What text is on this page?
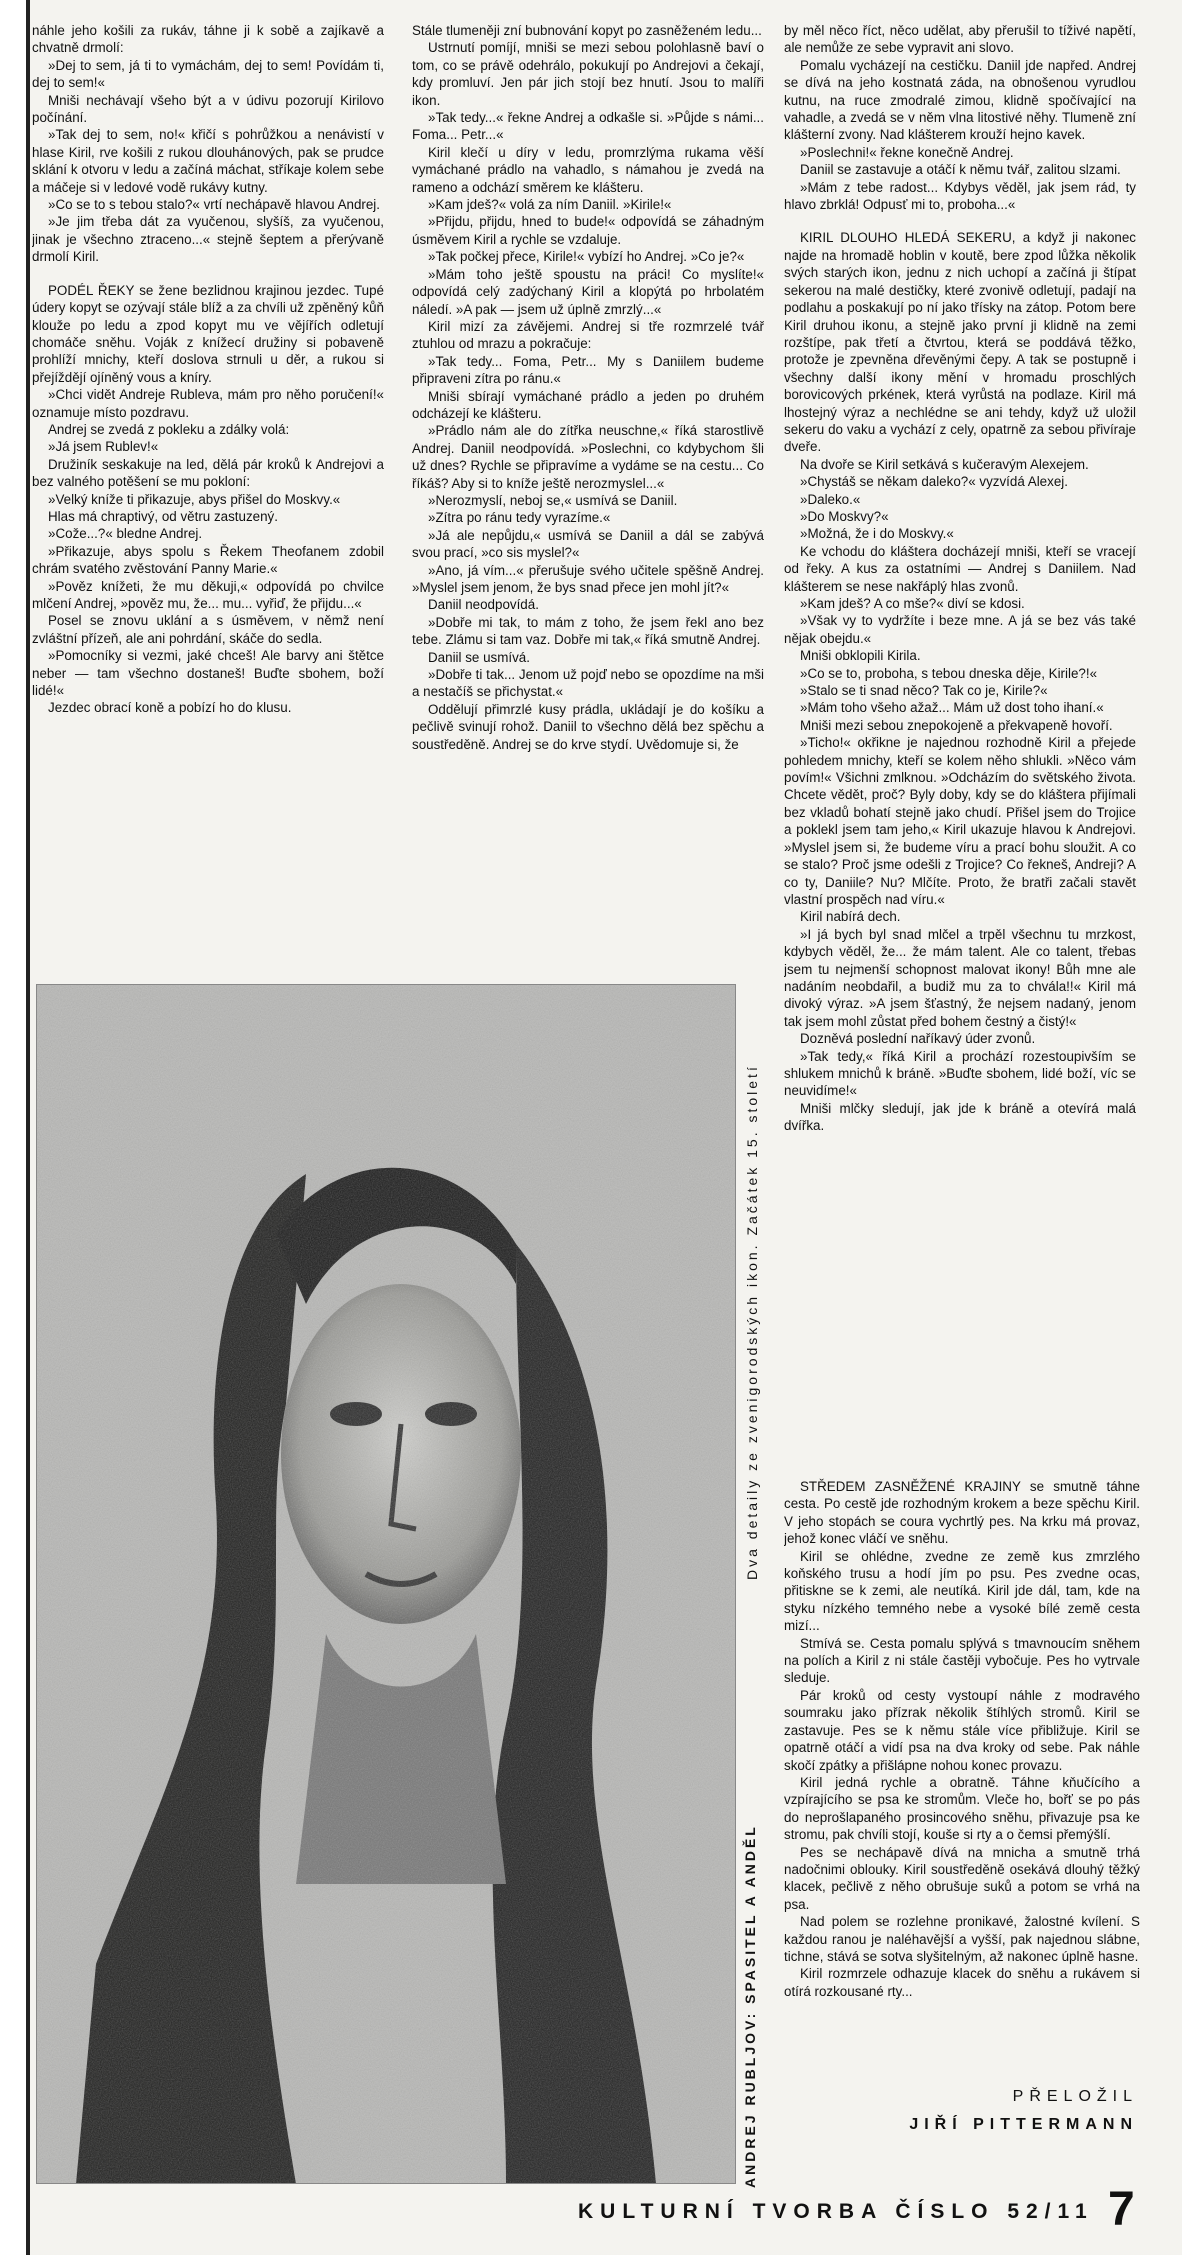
náhle jeho košili za rukáv, táhne ji k sobě a zajíkavě a chvatně drmolí:

»Dej to sem, já ti to vymáchám, dej to sem! Povídám ti, dej to sem!«

Mniši nechávají všeho být a v údivu pozorují Kirilovo počínání.

»Tak dej to sem, no!« křičí s pohrůžkou a nenávistí v hlase Kiril, rve košili z rukou dlouhánových, pak se prudce sklání k otvoru v ledu a začíná máchat, stříkaje kolem sebe a máčeje si v ledové vodě rukávy kutny.

»Co se to s tebou stalo?« vrtí nechápavě hlavou Andrej.

»Je jim třeba dát za vyučenou, slyšíš, za vyučenou, jinak je všechno ztraceno...« stejně šeptem a přerývaně drmolí Kiril.

PODÉL ŘEKY se žene bezlidnou krajinou jezdec. Tupé údery kopyt se ozývají stále blíž a za chvíli už zpěněný kůň klouže po ledu a zpod kopyt mu ve vějířích odletují chomáče sněhu. Voják z knížecí družiny si pobaveně prohlíží mnichy, kteří doslova strnuli u děr, a rukou si přejíždějí ojíněný vous a kníry.

»Chci vidět Andreje Rubleva, mám pro něho poručení!« oznamuje místo pozdravu.

Andrej se zvedá z pokleku a zdálky volá:

»Já jsem Rublev!«

Družiník seskakuje na led, dělá pár kroků k Andrejovi a bez valného potěšení se mu pokloní:

»Velký kníže ti přikazuje, abys přišel do Moskvy.«

Hlas má chraptivý, od větru zastuzený.

»Cože...?« bledne Andrej.

»Přikazuje, abys spolu s Řekem Theofanem zdobil chrám svatého zvěstování Panny Marie.«

»Pověz knížeti, že mu děkuji,« odpovídá po chvilce mlčení Andrej, »pověz mu, že... mu... vyřiď, že přijdu...«

Posel se znovu uklání a s úsměvem, v němž není zvláštní přízeň, ale ani pohrdání, skáče do sedla.

»Pomocníky si vezmi, jaké chceš! Ale barvy ani štětce neber — tam všechno dostaneš! Buďte sbohem, boží lidé!«

Jezdec obrací koně a pobízí ho do klusu.

Stále tlumeněji zní bubnování kopyt po zasněženém ledu...

Ustrnutí pomíjí, mniši se mezi sebou polohlasně baví o tom, co se právě odehrálo, pokukují po Andrejovi a čekají, kdy promluví. Jen pár jich stojí bez hnutí. Jsou to malíři ikon.

»Tak tedy...« řekne Andrej a odkašle si. »Půjde s námi... Foma... Petr...«

Kiril klečí u díry v ledu, promrzlýma rukama věší vymáchané prádlo na vahadlo, s námahou je zvedá na rameno a odchází směrem ke klášteru.

»Kam jdeš?« volá za ním Daniil. »Kirile!«

»Přijdu, přijdu, hned to bude!« odpovídá se záhadným úsměvem Kiril a rychle se vzdaluje.

»Tak počkej přece, Kirile!« vybízí ho Andrej. »Co je?«

»Mám toho ještě spoustu na práci! Co myslíte!« odpovídá celý zadýchaný Kiril a klopýtá po hrbolatém náledí. »A pak — jsem už úplně zmrzlý...«

Kiril mizí za závějemi. Andrej si tře rozmrzelé tvář ztuhlou od mrazu a pokračuje:

»Tak tedy... Foma, Petr... My s Daniilem budeme připraveni zítra po ránu.«

Mniši sbírají vymáchané prádlo a jeden po druhém odcházejí ke klášteru.

»Prádlo nám ale do zítřka neuschne,« říká starostlivě Andrej. Daniil neodpovídá. »Poslechni, co kdybychom šli už dnes? Rychle se připravíme a vydáme se na cestu... Co říkáš? Aby si to kníže ještě nerozmyslel...«

»Nerozmyslí, neboj se,« usmívá se Daniil.

»Zítra po ránu tedy vyrazíme.«

»Já ale nepůjdu,« usmívá se Daniil a dál se zabývá svou prací, »co sis myslel?«

»Ano, já vím...« přerušuje svého učitele spěšně Andrej. »Myslel jsem jenom, že bys snad přece jen mohl jít?«

Daniil neodpovídá.

»Dobře mi tak, to mám z toho, že jsem řekl ano bez tebe. Zlámu si tam vaz. Dobře mi tak,« říká smutně Andrej.

Daniil se usmívá.

»Dobře ti tak... Jenom už pojď nebo se opozdíme na mši a nestačíš se přichystat.«

Oddělují přimrzlé kusy prádla, ukládají je do košíku a pečlivě svinují rohož. Daniil to všechno dělá bez spěchu a soustředěně. Andrej se do krve stydí. Uvědomuje si, že

by měl něco říct, něco udělat, aby přerušil to tíživé napětí, ale nemůže ze sebe vypravit ani slovo.

Pomalu vycházejí na cestičku. Daniil jde napřed. Andrej se dívá na jeho kostnatá záda, na obnošenou vyrudlou kutnu, na ruce zmodralé zimou, klidně spočívající na vahadle, a zvedá se v něm vlna litostivé něhy. Tlumeně zní klášterní zvony. Nad klášterem krouží hejno kavek.

»Poslechni!« řekne konečně Andrej.

Daniil se zastavuje a otáčí k němu tvář, zalitou slzami.

»Mám z tebe radost... Kdybys věděl, jak jsem rád, ty hlavo zbrklá! Odpusť mi to, proboha...«

KIRIL DLOUHO HLEDÁ SEKERU, a když ji nakonec najde na hromadě hoblin v koutě, bere zpod lůžka několik svých starých ikon, jednu z nich uchopí a začíná ji štípat sekerou na malé destičky, které zvonivě odletují, padají na podlahu a poskakují po ní jako třísky na zátop. Potom bere Kiril druhou ikonu, a stejně jako první ji klidně na zemi rozštípe, pak třetí a čtvrtou, která se poddává těžko, protože je zpevněna dřevěnými čepy. A tak se postupně i všechny další ikony mění v hromadu proschlých borovicových prkének, která vyrůstá na podlaze. Kiril má lhostejný výraz a nechlédne se ani tehdy, když už uložil sekeru do vaku a vychází z cely, opatrně za sebou přivíraje dveře.

Na dvoře se Kiril setkává s kučeravým Alexejem.

»Chystáš se někam daleko?« vyzvídá Alexej.

»Daleko.«

»Do Moskvy?«

»Možná, že i do Moskvy.«

Ke vchodu do kláštera docházejí mniši, kteří se vracejí od řeky. A kus za ostatními — Andrej s Daniilem. Nad klášterem se nese nakřáplý hlas zvonů.

»Kam jdeš? A co mše?« diví se kdosi.

»Však vy to vydržíte i beze mne. A já se bez vás také nějak obejdu.«

Mniši obklopili Kirila.

»Co se to, proboha, s tebou dneska děje, Kirile?!«

»Stalo se ti snad něco? Tak co je, Kirile?«

»Mám toho všeho ažaž... Mám už dost toho ihaní.«

Mniši mezi sebou znepokojeně a překvapeně hovoří.

»Ticho!« okřikne je najednou rozhodně Kiril a přejede pohledem mnichy, kteří se kolem něho shlukli. »Něco vám povím!« Všichni zmlknou. »Odcházím do světského života. Chcete vědět, proč? Byly doby, kdy se do kláštera přijímali bez vkladů bohatí stejně jako chudí. Přišel jsem do Trojice a poklekl jsem tam jeho,« Kiril ukazuje hlavou k Andrejovi. »Myslel jsem si, že budeme víru a prací bohu sloužit. A co se stalo? Proč jsme odešli z Trojice? Co řekneš, Andreji? A co ty, Daniile? Nu? Mlčíte. Proto, že bratři začali stavět vlastní prospěch nad víru.«

Kiril nabírá dech.

»I já bych byl snad mlčel a trpěl všechnu tu mrzkost, kdybych věděl, že... že mám talent. Ale co talent, třebas jsem tu nejmenší schopnost malovat ikony! Bůh mne ale nadáním neobdařil, a budiž mu za to chvála!!« Kiril má divoký výraz. »A jsem šťastný, že nejsem nadaný, jenom tak jsem mohl zůstat před bohem čestný a čistý!«

Dozněvá poslední naříkavý úder zvonů.

»Tak tedy,« říká Kiril a prochází rozestoupivším se shlukem mnichů k bráně. »Buďte sbohem, lidé boží, víc se neuvidíme!«

Mniši mlčky sledují, jak jde k bráně a otevírá malá dvířka.

STŘEDEM ZASNĚŽENÉ KRAJINY se smutně táhne cesta. Po cestě jde rozhodným krokem a beze spěchu Kiril. V jeho stopách se coura vychrtlý pes. Na krku má provaz, jehož konec vláčí ve sněhu.

Kiril se ohlédne, zvedne ze země kus zmrzlého koňského trusu a hodí jím po psu. Pes zvedne ocas, přitiskne se k zemi, ale neutíká. Kiril jde dál, tam, kde na styku nízkého temného nebe a vysoké bílé země cesta mizí...

Stmívá se. Cesta pomalu splývá s tmavnoucím sněhem na polích a Kiril z ni stále častěji vybočuje. Pes ho vytrvale sleduje.

Pár kroků od cesty vystoupí náhle z modravého soumraku jako přízrak několik štíhlých stromů. Kiril se zastavuje. Pes se k němu stále více přibližuje. Kiril se opatrně otáčí a vidí psa na dva kroky od sebe. Pak náhle skočí zpátky a přišlápne nohou konec provazu.

Kiril jedná rychle a obratně. Táhne kňučícího a vzpírajícího se psa ke stromům. Vleče ho, bořť se po pás do neprošlapaného prosincového sněhu, přivazuje psa ke stromu, pak chvíli stojí, kouše si rty a o čemsi přemýšlí.

Pes se nechápavě dívá na mnicha a smutně trhá nadočnimi oblouky. Kiril soustředěně osekává dlouhý těžký klacek, pečlivě z něho obrušuje suků a potom se vrhá na psa.

Nad polem se rozlehne pronikavé, žalostné kvílení. S každou ranou je naléhavější a vyšší, pak najednou slábne, tichne, stává se sotva slyšitelným, až nakonec úplně hasne.

Kiril rozmrzele odhazuje klacek do sněhu a rukávem si otírá rozkousané rty...

Dva detaily ze zvenigorodských ikon. Začátek 15. století
ANDREJ RUBLJOV: SPASITEL A ANDĚL	PŘELOŽIL
JIŘÍ PITTERMANN
KULTURNÍ TVORBA ČÍSLO 52/11 7
